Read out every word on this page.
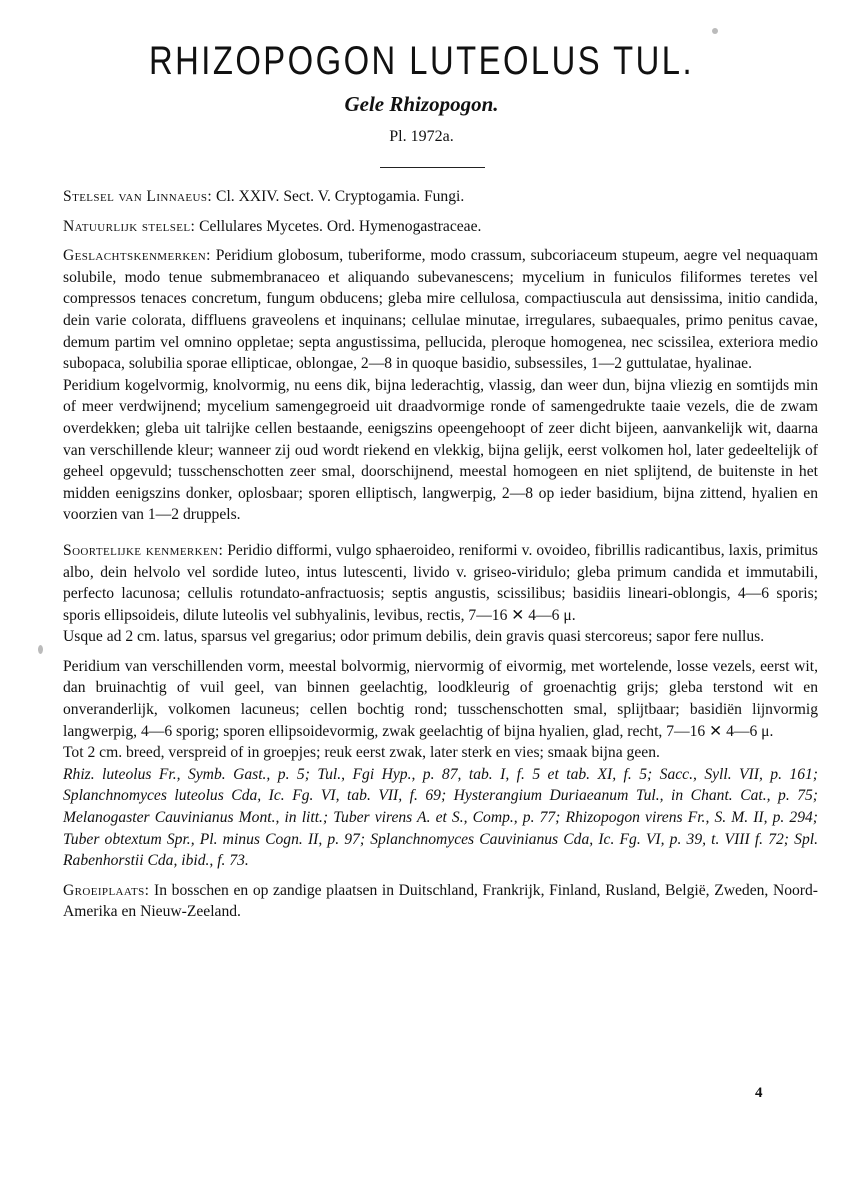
RHIZOPOGON LUTEOLUS TUL.
Gele Rhizopogon.
Pl. 1972a.

Stelsel van Linnaeus: Cl. XXIV. Sect. V. Cryptogamia. Fungi.

Natuurlijk stelsel: Cellulares Mycetes. Ord. Hymenogastraceae.

Geslachtskenmerken: Peridium globosum, tuberiforme, modo crassum, subcoriaceum stupeum, aegre vel nequaquam solubile, modo tenue submembranaceo et aliquando subevanescens; mycelium in funiculos filiformes teretes vel compressos tenaces concretum, fungum obducens; gleba mire cellulosa, compactiuscula aut densissima, initio candida, dein varie colorata, diffluens graveolens et inquinans; cellulae minutae, irregulares, subaequales, primo penitus cavae, demum partim vel omnino oppletae; septa angustissima, pellucida, pleroque homogenea, nec scissilea, exteriora medio subopaca, solubilia sporae ellipticae, oblongae, 2—8 in quoque basidio, subsessiles, 1—2 guttulatae, hyalinae.

Peridium kogelvormig, knolvormig, nu eens dik, bijna lederachtig, vlassig, dan weer dun, bijna vliezig en somtijds min of meer verdwijnend; mycelium samengegroeid uit draadvormige ronde of samengedrukte taaie vezels, die de zwam overdekken; gleba uit talrijke cellen bestaande, eenigszins opeengehoopt of zeer dicht bijeen, aanvankelijk wit, daarna van verschillende kleur; wanneer zij oud wordt riekend en vlekkig, bijna gelijk, eerst volkomen hol, later gedeeltelijk of geheel opgevuld; tusschenschotten zeer smal, doorschijnend, meestal homogeen en niet splijtend, de buitenste in het midden eenigszins donker, oplosbaar; sporen elliptisch, langwerpig, 2—8 op ieder basidium, bijna zittend, hyalien en voorzien van 1—2 druppels.

Soortelijke kenmerken: Peridio difformi, vulgo sphaeroideo, reniformi v. ovoideo, fibrillis radicantibus, laxis, primitus albo, dein helvolo vel sordide luteo, intus lutescenti, livido v. griseo-viridulo; gleba primum candida et immutabili, perfecto lacunosa; cellulis rotundato-anfractuosis; septis angustis, scissilibus; basidiis lineari-oblongis, 4—6 sporis; sporis ellipsoideis, dilute luteolis vel subhyalinis, levibus, rectis, 7—16 ✕ 4—6 μ.

Usque ad 2 cm. latus, sparsus vel gregarius; odor primum debilis, dein gravis quasi stercoreus; sapor fere nullus.

Peridium van verschillenden vorm, meestal bolvormig, niervormig of eivormig, met wortelende, losse vezels, eerst wit, dan bruinachtig of vuil geel, van binnen geelachtig, loodkleurig of groenachtig grijs; gleba terstond wit en onveranderlijk, volkomen lacuneus; cellen bochtig rond; tusschenschotten smal, splijtbaar; basidiën lijnvormig langwerpig, 4—6 sporig; sporen ellipsoidevormig, zwak geelachtig of bijna hyalien, glad, recht, 7—16 ✕ 4—6 μ.

Tot 2 cm. breed, verspreid of in groepjes; reuk eerst zwak, later sterk en vies; smaak bijna geen.

Rhiz. luteolus Fr., Symb. Gast., p. 5; Tul., Fgi Hyp., p. 87, tab. I, f. 5 et tab. XI, f. 5; Sacc., Syll. VII, p. 161; Splanchnomyces luteolus Cda, Ic. Fg. VI, tab. VII, f. 69; Hysterangium Duriaeanum Tul., in Chant. Cat., p. 75; Melanogaster Cauvinianus Mont., in litt.; Tuber virens A. et S., Comp., p. 77; Rhizopogon virens Fr., S. M. II, p. 294; Tuber obtextum Spr., Pl. minus Cogn. II, p. 97; Splanchnomyces Cauvinianus Cda, Ic. Fg. VI, p. 39, t. VIII f. 72; Spl. Rabenhorstii Cda, ibid., f. 73.

Groeiplaats: In bosschen en op zandige plaatsen in Duitschland, Frankrijk, Finland, Rusland, België, Zweden, Noord-Amerika en Nieuw-Zeeland.

4
